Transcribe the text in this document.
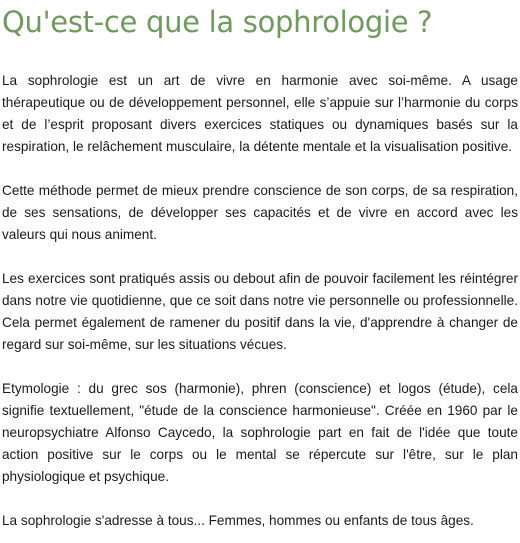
Qu'est-ce que la sophrologie ?

La sophrologie est un art de vivre en harmonie avec soi-même. A usage thérapeutique ou de développement personnel, elle s’appuie sur l’harmonie du corps et de l’esprit proposant divers exercices statiques ou dynamiques basés sur la respiration, le relâchement musculaire, la détente mentale et la visualisation positive.

Cette méthode permet de mieux prendre conscience de son corps, de sa respiration, de ses sensations, de développer ses capacités et de vivre en accord avec les valeurs qui nous animent.

Les exercices sont pratiqués assis ou debout afin de pouvoir facilement les réintégrer dans notre vie quotidienne, que ce soit dans notre vie personnelle ou professionnelle. Cela permet également de ramener du positif dans la vie, d'apprendre à changer de regard sur soi-même, sur les situations vécues.

Etymologie : du grec sos (harmonie), phren (conscience) et logos (étude), cela signifie textuellement, "étude de la conscience harmonieuse". Créée en 1960 par le neuropsychiatre Alfonso Caycedo, la sophrologie part en fait de l'idée que toute action positive sur le corps ou le mental se répercute sur l'être, sur le plan physiologique et psychique.

La sophrologie s'adresse à tous... Femmes, hommes ou enfants de tous âges.
